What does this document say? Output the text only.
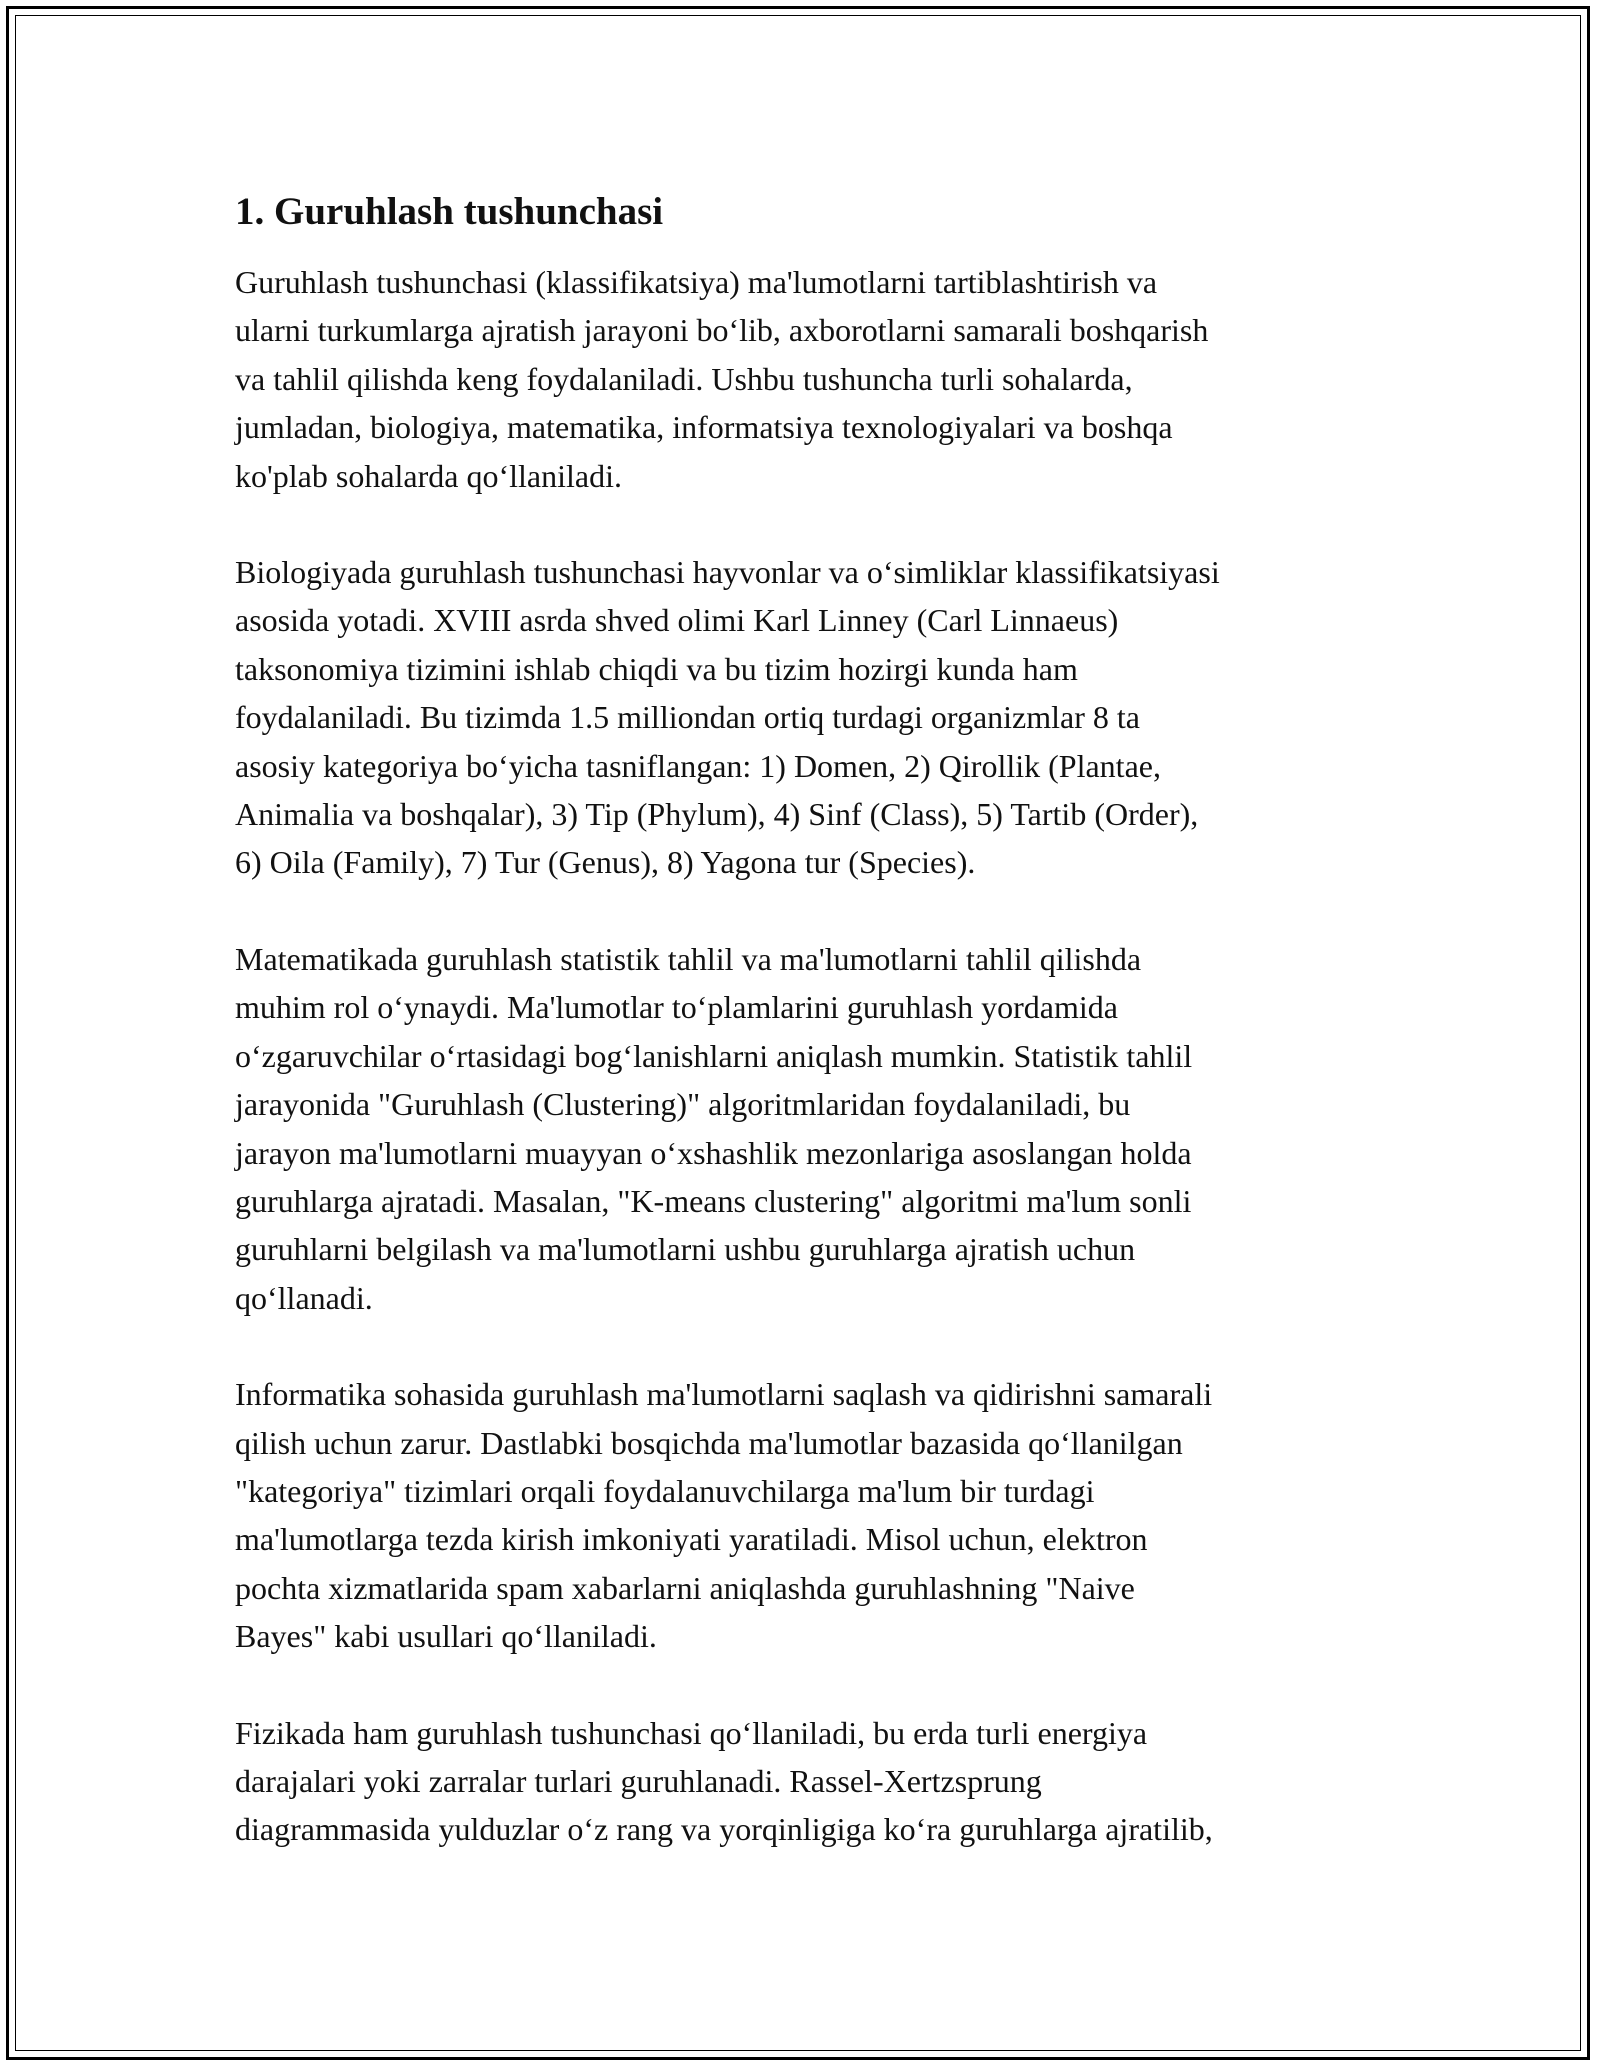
1. Guruhlash tushunchasi

Guruhlash tushunchasi (klassifikatsiya) ma'lumotlarni tartiblashtirish va
ularni turkumlarga ajratish jarayoni bo‘lib, axborotlarni samarali boshqarish
va tahlil qilishda keng foydalaniladi. Ushbu tushuncha turli sohalarda,
jumladan, biologiya, matematika, informatsiya texnologiyalari va boshqa
ko'plab sohalarda qo‘llaniladi.

Biologiyada guruhlash tushunchasi hayvonlar va o‘simliklar klassifikatsiyasi
asosida yotadi. XVIII asrda shved olimi Karl Linney (Carl Linnaeus)
taksonomiya tizimini ishlab chiqdi va bu tizim hozirgi kunda ham
foydalaniladi. Bu tizimda 1.5 milliondan ortiq turdagi organizmlar 8 ta
asosiy kategoriya bo‘yicha tasniflangan: 1) Domen, 2) Qirollik (Plantae,
Animalia va boshqalar), 3) Tip (Phylum), 4) Sinf (Class), 5) Tartib (Order),
6) Oila (Family), 7) Tur (Genus), 8) Yagona tur (Species).

Matematikada guruhlash statistik tahlil va ma'lumotlarni tahlil qilishda
muhim rol o‘ynaydi. Ma'lumotlar to‘plamlarini guruhlash yordamida
o‘zgaruvchilar o‘rtasidagi bog‘lanishlarni aniqlash mumkin. Statistik tahlil
jarayonida "Guruhlash (Clustering)" algoritmlaridan foydalaniladi, bu
jarayon ma'lumotlarni muayyan o‘xshashlik mezonlariga asoslangan holda
guruhlarga ajratadi. Masalan, "K-means clustering" algoritmi ma'lum sonli
guruhlarni belgilash va ma'lumotlarni ushbu guruhlarga ajratish uchun
qo‘llanadi.

Informatika sohasida guruhlash ma'lumotlarni saqlash va qidirishni samarali
qilish uchun zarur. Dastlabki bosqichda ma'lumotlar bazasida qo‘llanilgan
"kategoriya" tizimlari orqali foydalanuvchilarga ma'lum bir turdagi
ma'lumotlarga tezda kirish imkoniyati yaratiladi. Misol uchun, elektron
pochta xizmatlarida spam xabarlarni aniqlashda guruhlashning "Naive
Bayes" kabi usullari qo‘llaniladi.

Fizikada ham guruhlash tushunchasi qo‘llaniladi, bu erda turli energiya
darajalari yoki zarralar turlari guruhlanadi. Rassel-Xertzsprung
diagrammasida yulduzlar o‘z rang va yorqinligiga ko‘ra guruhlarga ajratilib,
